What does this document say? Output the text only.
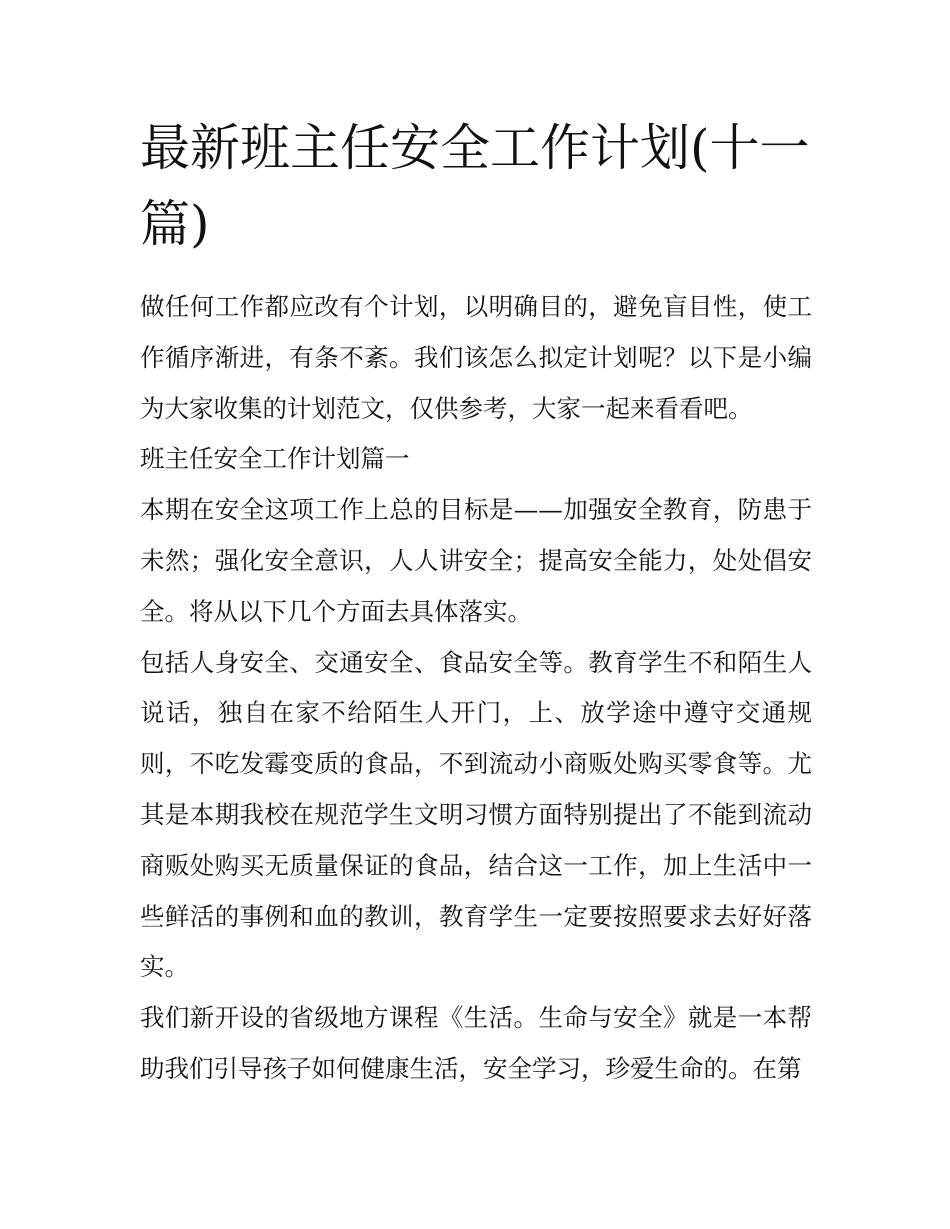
最新班主任安全工作计划(十一篇)

做任何工作都应改有个计划，以明确目的，避免盲目性，使工作循序渐进，有条不紊。我们该怎么拟定计划呢？以下是小编为大家收集的计划范文，仅供参考，大家一起来看看吧。

班主任安全工作计划篇一

本期在安全这项工作上总的目标是——加强安全教育，防患于未然；强化安全意识，人人讲安全；提高安全能力，处处倡安全。将从以下几个方面去具体落实。

包括人身安全、交通安全、食品安全等。教育学生不和陌生人说话，独自在家不给陌生人开门，上、放学途中遵守交通规则，不吃发霉变质的食品，不到流动小商贩处购买零食等。尤其是本期我校在规范学生文明习惯方面特别提出了不能到流动商贩处购买无质量保证的食品，结合这一工作，加上生活中一些鲜活的事例和血的教训，教育学生一定要按照要求去好好落实。

我们新开设的省级地方课程《生活。生命与安全》就是一本帮助我们引导孩子如何健康生活，安全学习，珍爱生命的。在第
